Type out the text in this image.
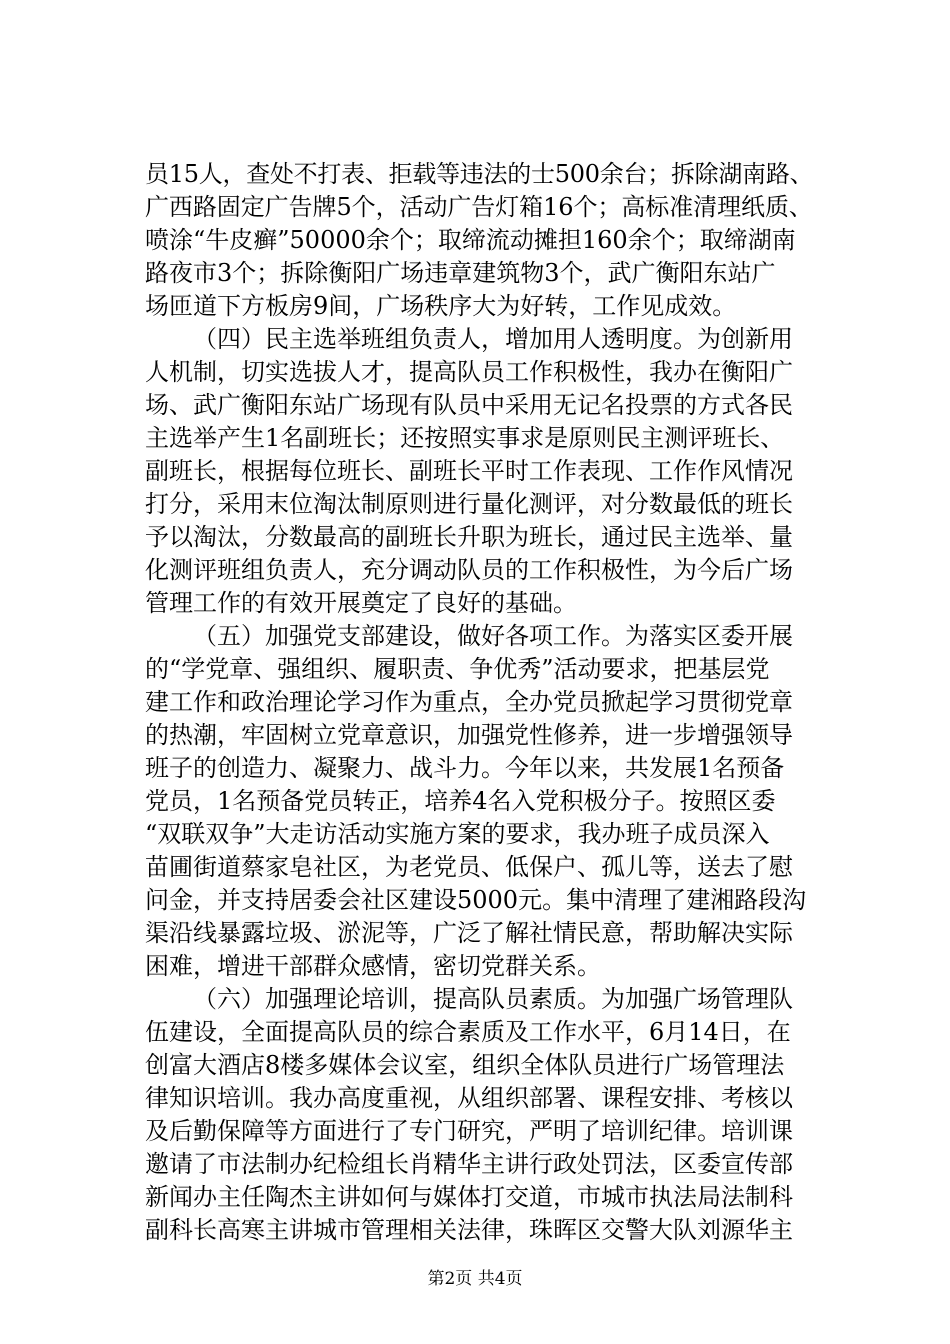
员15人，查处不打表、拒载等违法的士500余台；拆除湖南路、
广西路固定广告牌5个，活动广告灯箱16个；高标准清理纸质、
喷涂“牛皮癣”50000余个；取缔流动摊担160余个；取缔湖南
路夜市3个；拆除衡阳广场违章建筑物3个，武广衡阳东站广
场匝道下方板房9间，广场秩序大为好转，工作见成效。
（四）民主选举班组负责人，增加用人透明度。为创新用
人机制，切实选拔人才，提高队员工作积极性，我办在衡阳广
场、武广衡阳东站广场现有队员中采用无记名投票的方式各民
主选举产生1名副班长；还按照实事求是原则民主测评班长、
副班长，根据每位班长、副班长平时工作表现、工作作风情况
打分，采用末位淘汰制原则进行量化测评，对分数最低的班长
予以淘汰，分数最高的副班长升职为班长，通过民主选举、量
化测评班组负责人，充分调动队员的工作积极性，为今后广场
管理工作的有效开展奠定了良好的基础。
（五）加强党支部建设，做好各项工作。为落实区委开展
的“学党章、强组织、履职责、争优秀”活动要求，把基层党
建工作和政治理论学习作为重点，全办党员掀起学习贯彻党章
的热潮，牢固树立党章意识，加强党性修养，进一步增强领导
班子的创造力、凝聚力、战斗力。今年以来，共发展1名预备
党员，1名预备党员转正，培养4名入党积极分子。按照区委
“双联双争”大走访活动实施方案的要求，我办班子成员深入
苗圃街道蔡家皂社区，为老党员、低保户、孤儿等，送去了慰
问金，并支持居委会社区建设5000元。集中清理了建湘路段沟
渠沿线暴露垃圾、淤泥等，广泛了解社情民意，帮助解决实际
困难，增进干部群众感情，密切党群关系。
（六）加强理论培训，提高队员素质。为加强广场管理队
伍建设，全面提高队员的综合素质及工作水平，6月14日，在
创富大酒店8楼多媒体会议室，组织全体队员进行广场管理法
律知识培训。我办高度重视，从组织部署、课程安排、考核以
及后勤保障等方面进行了专门研究，严明了培训纪律。培训课
邀请了市法制办纪检组长肖精华主讲行政处罚法，区委宣传部
新闻办主任陶杰主讲如何与媒体打交道，市城市执法局法制科
副科长高寒主讲城市管理相关法律，珠晖区交警大队刘源华主
第2页 共4页
